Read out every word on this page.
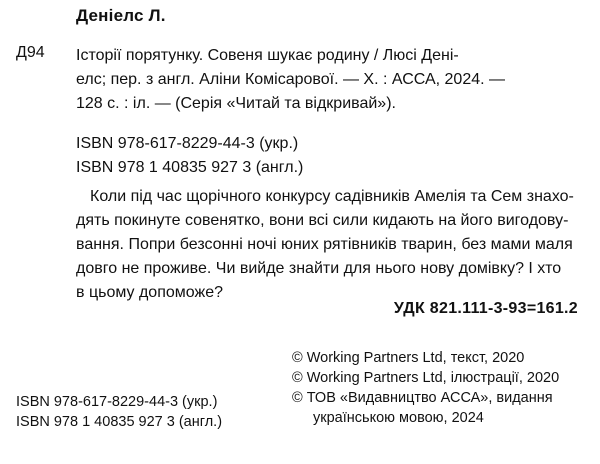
Деніелс Л.
Д94 Історії порятунку. Совеня шукає родину / Люсі Дені-
елс; пер. з англ. Аліни Комісарової. — Х. : АССА, 2024. —
128 с. : іл. — (Серія «Читай та відкривай»).
ISBN 978-617-8229-44-3 (укр.)
ISBN 978 1 40835 927 3 (англ.)
Коли під час щорічного конкурсу садівників Амелія та Сем знахо-
дять покинуте совенятко, вони всі сили кидають на його вигодову-
вання. Попри безсонні ночі юних рятівників тварин, без мами маля
довго не проживе. Чи вийде знайти для нього нову домівку? І хто
в цьому допоможе?
УДК 821.111-3-93=161.2
© Working Partners Ltd, текст, 2020
© Working Partners Ltd, ілюстрації, 2020
© ТОВ «Видавництво АССА», видання
українською мовою, 2024
ISBN 978-617-8229-44-3 (укр.)
ISBN 978 1 40835 927 3 (англ.)
